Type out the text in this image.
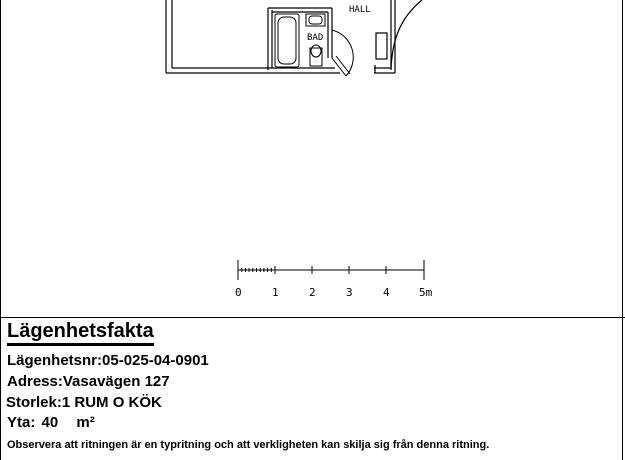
HALL
BAD
0	1	2	3	4	5m
Lägenhetsfakta
Lägenhetsnr:05-025-04-0901
Adress:Vasavägen 127
Storlek:1 RUM O KÖK
Yta: 40 m²
Observera att ritningen är en typritning och att verkligheten kan skilja sig från denna ritning.
